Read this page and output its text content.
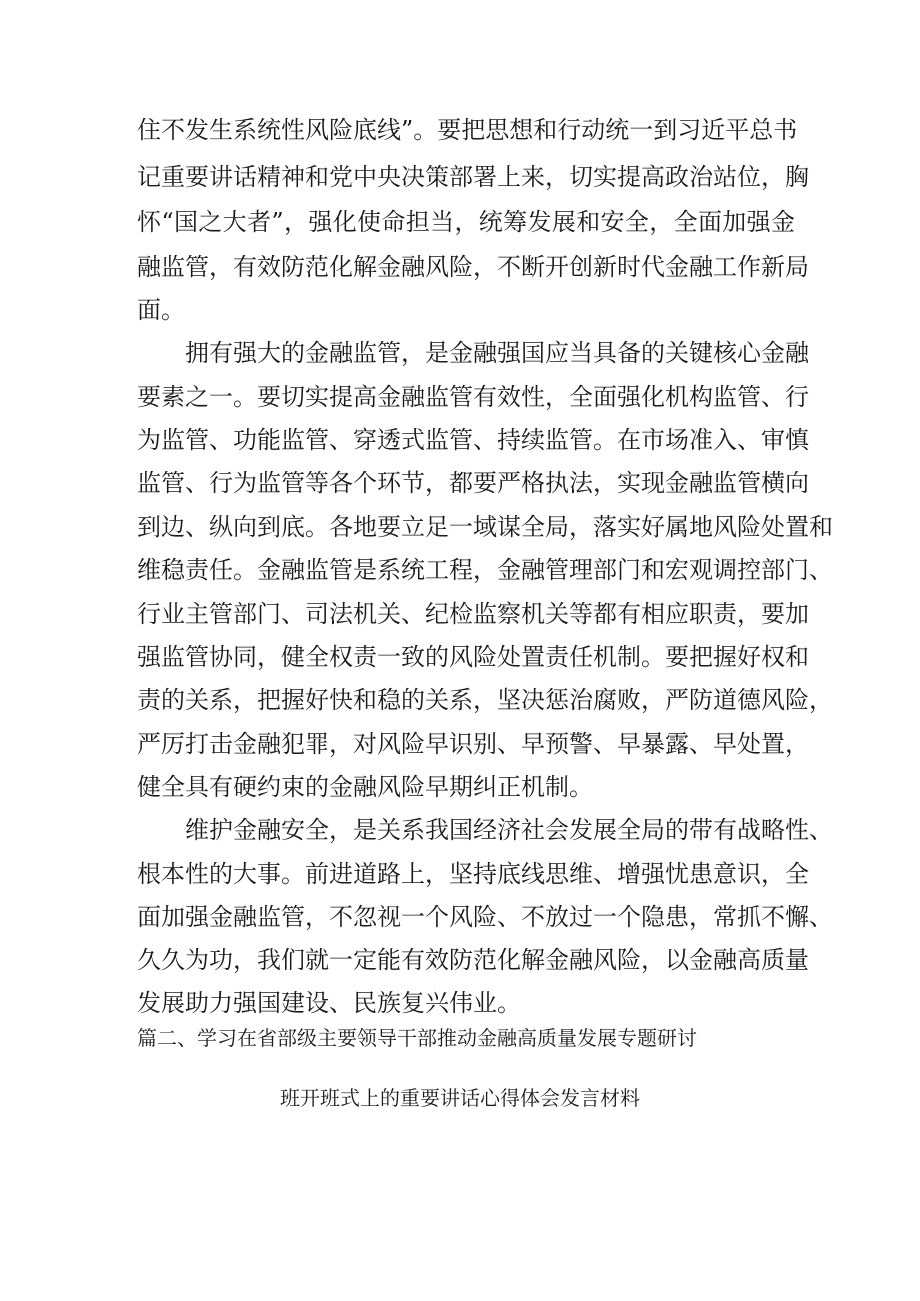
住不发生系统性风险底线”。要把思想和行动统一到习近平总书
记重要讲话精神和党中央决策部署上来，切实提高政治站位，胸
怀“国之大者”，强化使命担当，统筹发展和安全，全面加强金
融监管，有效防范化解金融风险，不断开创新时代金融工作新局
面。
拥有强大的金融监管，是金融强国应当具备的关键核心金融
要素之一。要切实提高金融监管有效性，全面强化机构监管、行
为监管、功能监管、穿透式监管、持续监管。在市场准入、审慎
监管、行为监管等各个环节，都要严格执法，实现金融监管横向
到边、纵向到底。各地要立足一域谋全局，落实好属地风险处置和
维稳责任。金融监管是系统工程，金融管理部门和宏观调控部门、
行业主管部门、司法机关、纪检监察机关等都有相应职责，要加
强监管协同，健全权责一致的风险处置责任机制。要把握好权和
责的关系，把握好快和稳的关系，坚决惩治腐败，严防道德风险，
严厉打击金融犯罪，对风险早识别、早预警、早暴露、早处置，
健全具有硬约束的金融风险早期纠正机制。
维护金融安全，是关系我国经济社会发展全局的带有战略性、
根本性的大事。前进道路上，坚持底线思维、增强忧患意识，全
面加强金融监管，不忽视一个风险、不放过一个隐患，常抓不懈、
久久为功，我们就一定能有效防范化解金融风险，以金融高质量
发展助力强国建设、民族复兴伟业。
篇二、学习在省部级主要领导干部推动金融高质量发展专题研讨
班开班式上的重要讲话心得体会发言材料
